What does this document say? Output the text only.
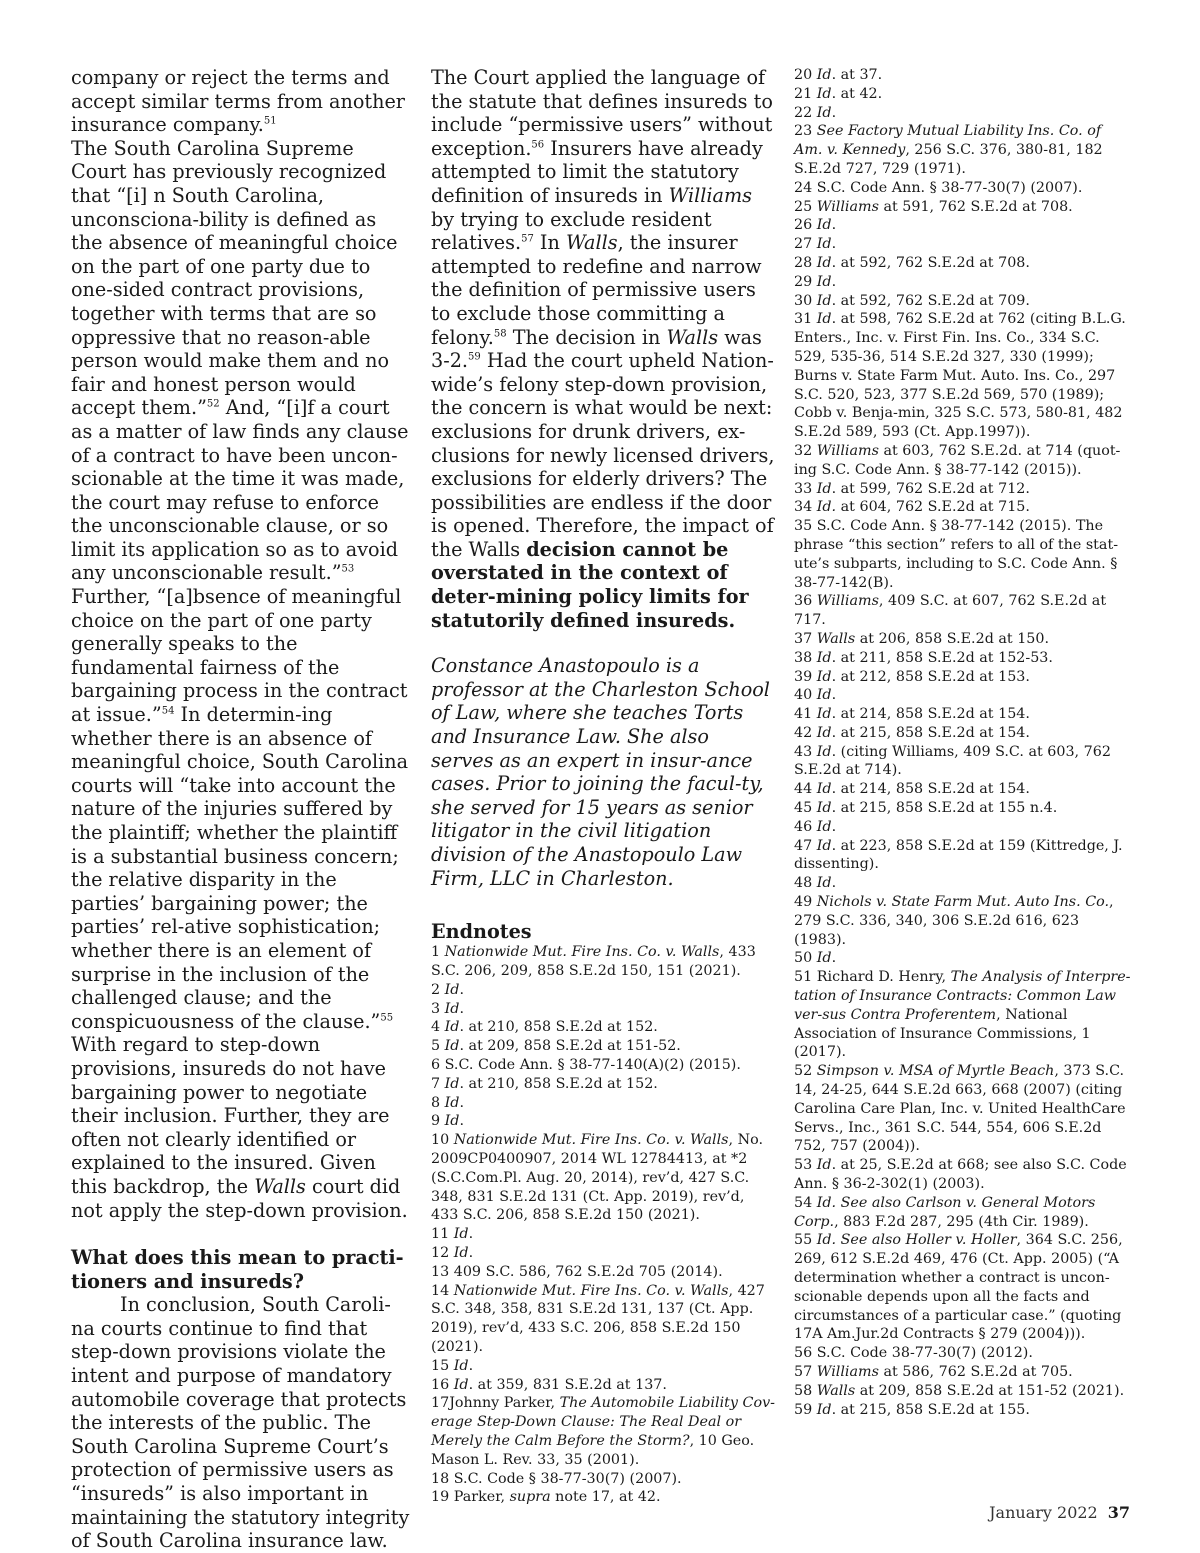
company or reject the terms and accept similar terms from another insurance company.$^{51}$

The South Carolina Supreme Court has previously recognized that “[i] n South Carolina, unconsciona-bility is defined as the absence of meaningful choice on the part of one party due to one-sided contract provisions, together with terms that are so oppressive that no reason-able person would make them and no fair and honest person would accept them.”$^{52}$ And, “[i]f a court as a matter of law finds any clause of a contract to have been uncon-scionable at the time it was made, the court may refuse to enforce the unconscionable clause, or so limit its application so as to avoid any unconscionable result.”$^{53}$ Further, “[a]bsence of meaningful choice on the part of one party generally speaks to the fundamental fairness of the bargaining process in the contract at issue.”$^{54}$ In determin-ing whether there is an absence of meaningful choice, South Carolina courts will “take into account the nature of the injuries suffered by the plaintiff; whether the plaintiff is a substantial business concern; the relative disparity in the parties’ bargaining power; the parties’ rel-ative sophistication; whether there is an element of surprise in the inclusion of the challenged clause; and the conspicuousness of the clause.”$^{55}$ With regard to step-down provisions, insureds do not have bargaining power to negotiate their inclusion. Further, they are often not clearly identified or explained to the insured. Given this backdrop, the Walls court did not apply the step-down provision.

What does this mean to practi-tioners and insureds?

In conclusion, South Caroli-na courts continue to find that step-down provisions violate the intent and purpose of mandatory automobile coverage that protects the interests of the public. The South Carolina Supreme Court’s protection of permissive users as “insureds” is also important in maintaining the statutory integrity of South Carolina insurance law.

The Court applied the language of the statute that defines insureds to include “permissive users” without exception.$^{56}$ Insurers have already attempted to limit the statutory definition of insureds in Williams by trying to exclude resident relatives.$^{57}$ In Walls, the insurer attempted to redefine and narrow the definition of permissive users to exclude those committing a felony.$^{58}$ The decision in Walls was 3-2.59 Had the court upheld Nation-wide’s felony step-down provision, the concern is what would be next: exclusions for drunk drivers, ex-clusions for newly licensed drivers, exclusions for elderly drivers? The possibilities are endless if the door is opened. Therefore, the impact of the Walls decision cannot be overstated in the context of deter-mining policy limits for statutorily defined insureds.

Constance Anastopoulo is a professor at the Charleston School of Law, where she teaches Torts and Insurance Law. She also serves as an expert in insur-ance cases. Prior to joining the facul-ty, she served for 15 years as senior litigator in the civil litigation division of the Anastopoulo Law Firm, LLC in Charleston.

Endnotes

1 Nationwide Mut. Fire Ins. Co. v. Walls, 433 S.C. 206, 209, 858 S.E.2d 150, 151 (2021).

2 Id.

3 Id.

4 Id. at 210, 858 S.E.2d at 152.

5 Id. at 209, 858 S.E.2d at 151-52.

6 S.C. Code Ann. § 38-77-140(A)(2) (2015).

7 Id. at 210, 858 S.E.2d at 152.

8 Id.

9 Id.

10 Nationwide Mut. Fire Ins. Co. v. Walls, No. 2009CP0400907, 2014 WL 12784413, at *2 (S.C.Com.Pl. Aug. 20, 2014), rev’d, 427 S.C. 348, 831 S.E.2d 131 (Ct. App. 2019), rev’d, 433 S.C. 206, 858 S.E.2d 150 (2021).

11 Id.

12 Id.

13 409 S.C. 586, 762 S.E.2d 705 (2014).

14 Nationwide Mut. Fire Ins. Co. v. Walls, 427 S.C. 348, 358, 831 S.E.2d 131, 137 (Ct. App. 2019), rev’d, 433 S.C. 206, 858 S.E.2d 150 (2021).

15 Id.

16 Id. at 359, 831 S.E.2d at 137.

17Johnny Parker, The Automobile Liability Cov-erage Step-Down Clause: The Real Deal or Merely the Calm Before the Storm?, 10 Geo. Mason L. Rev. 33, 35 (2001).

18 S.C. Code § 38-77-30(7) (2007).

19 Parker, supra note 17, at 42.

20 Id. at 37.

21 Id. at 42.

22 Id.

23 See Factory Mutual Liability Ins. Co. of Am. v. Kennedy, 256 S.C. 376, 380-81, 182 S.E.2d 727, 729 (1971).

24 S.C. Code Ann. § 38-77-30(7) (2007).

25 Williams at 591, 762 S.E.2d at 708.

26 Id.

27 Id.

28 Id. at 592, 762 S.E.2d at 708.

29 Id.

30 Id. at 592, 762 S.E.2d at 709.

31 Id. at 598, 762 S.E.2d at 762 (citing B.L.G. Enters., Inc. v. First Fin. Ins. Co., 334 S.C. 529, 535-36, 514 S.E.2d 327, 330 (1999); Burns v. State Farm Mut. Auto. Ins. Co., 297 S.C. 520, 523, 377 S.E.2d 569, 570 (1989); Cobb v. Benja-min, 325 S.C. 573, 580-81, 482 S.E.2d 589, 593 (Ct. App.1997)).

32 Williams at 603, 762 S.E.2d. at 714 (quot-ing S.C. Code Ann. § 38-77-142 (2015)).

33 Id. at 599, 762 S.E.2d at 712.

34 Id. at 604, 762 S.E.2d at 715.

35 S.C. Code Ann. § 38-77-142 (2015). The phrase “this section” refers to all of the stat-ute’s subparts, including to S.C. Code Ann. § 38-77-142(B).

36 Williams, 409 S.C. at 607, 762 S.E.2d at 717.

37 Walls at 206, 858 S.E.2d at 150.

38 Id. at 211, 858 S.E.2d at 152-53.

39 Id. at 212, 858 S.E.2d at 153.

40 Id.

41 Id. at 214, 858 S.E.2d at 154.

42 Id. at 215, 858 S.E.2d at 154.

43 Id. (citing Williams, 409 S.C. at 603, 762 S.E.2d at 714).

44 Id. at 214, 858 S.E.2d at 154.

45 Id. at 215, 858 S.E.2d at 155 n.4.

46 Id.

47 Id. at 223, 858 S.E.2d at 159 (Kittredge, J. dissenting).

48 Id.

49 Nichols v. State Farm Mut. Auto Ins. Co., 279 S.C. 336, 340, 306 S.E.2d 616, 623 (1983).

50 Id.

51 Richard D. Henry, The Analysis of Interpre-tation of Insurance Contracts: Common Law ver-sus Contra Proferentem, National Association of Insurance Commissions, 1 (2017).

52 Simpson v. MSA of Myrtle Beach, 373 S.C. 14, 24-25, 644 S.E.2d 663, 668 (2007) (citing Carolina Care Plan, Inc. v. United HealthCare Servs., Inc., 361 S.C. 544, 554, 606 S.E.2d 752, 757 (2004)).

53 Id. at 25, S.E.2d at 668; see also S.C. Code Ann. § 36-2-302(1) (2003).

54 Id. See also Carlson v. General Motors Corp., 883 F.2d 287, 295 (4th Cir. 1989).

55 Id. See also Holler v. Holler, 364 S.C. 256, 269, 612 S.E.2d 469, 476 (Ct. App. 2005) (“A determination whether a contract is uncon-scionable depends upon all the facts and circumstances of a particular case.” (quoting 17A Am.Jur.2d Contracts § 279 (2004))).

56 S.C. Code 38-77-30(7) (2012).

57 Williams at 586, 762 S.E.2d at 705.

58 Walls at 209, 858 S.E.2d at 151-52 (2021).

59 Id. at 215, 858 S.E.2d at 155.

January 2022 37
